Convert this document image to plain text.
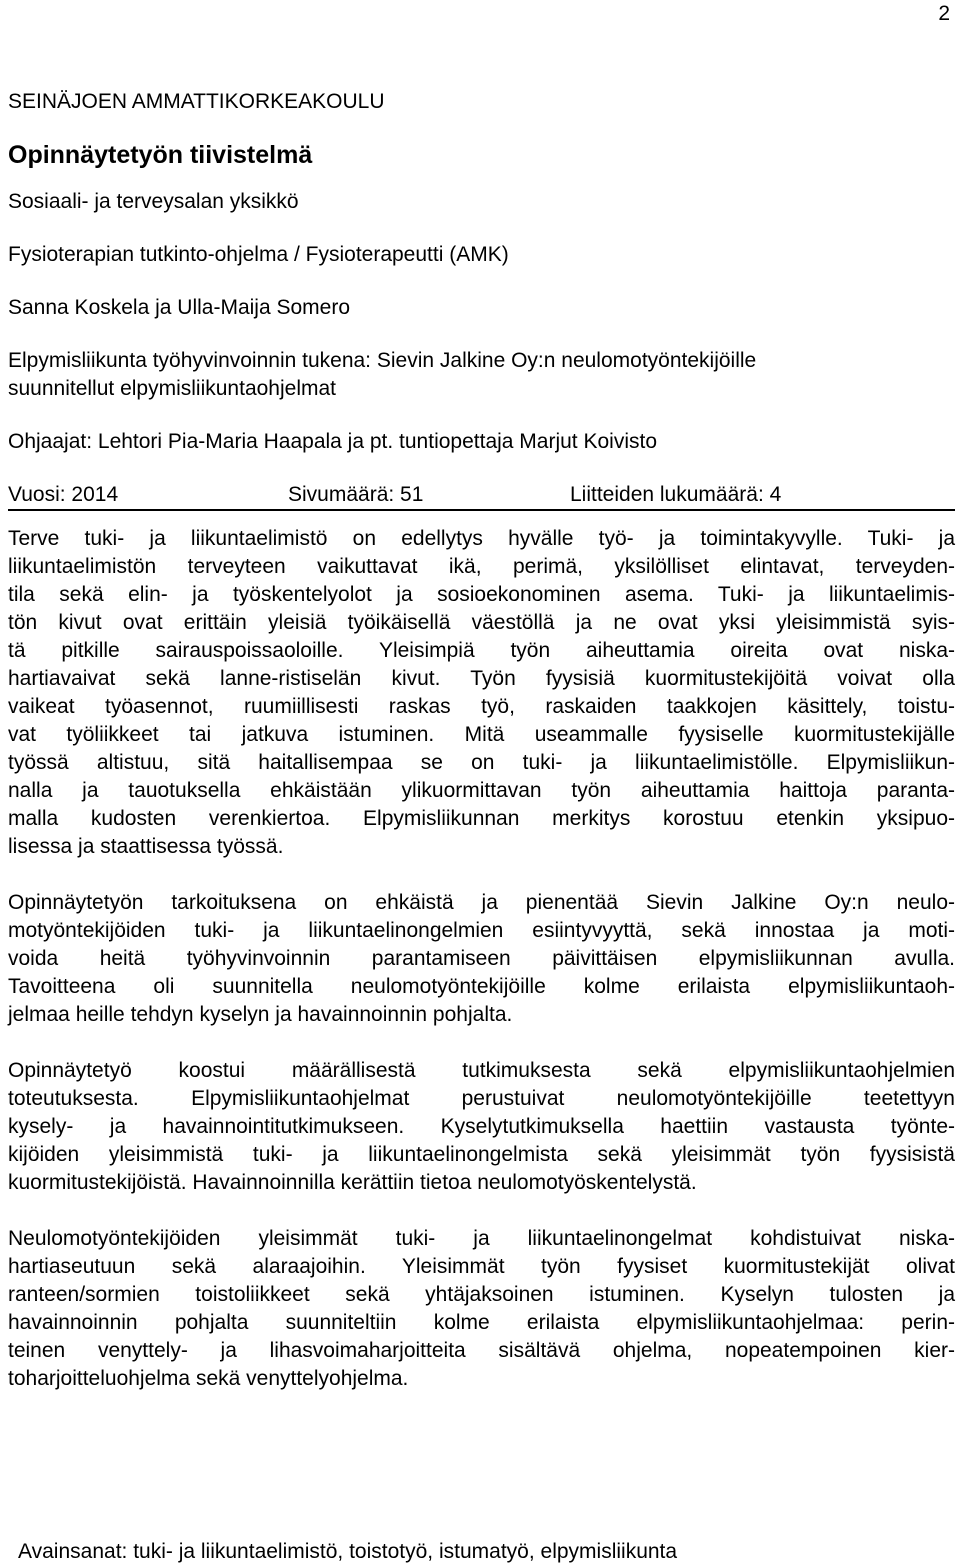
2

SEINÄJOEN AMMATTIKORKEAKOULU

Opinnäytetyön tiivistelmä

Sosiaali- ja terveysalan yksikkö

Fysioterapian tutkinto-ohjelma / Fysioterapeutti (AMK)

Sanna Koskela ja Ulla-Maija Somero

Elpymisliikunta työhyvinvoinnin tukena: Sievin Jalkine Oy:n neulomotyöntekijöille

suunnitellut elpymisliikuntaohjelmat

Ohjaajat: Lehtori Pia-Maria Haapala ja pt. tuntiopettaja Marjut Koivisto

Vuosi: 2014	Sivumäärä: 51	Liitteiden lukumäärä: 4
Terve tuki- ja liikuntaelimistö on edellytys hyvälle työ- ja toimintakyvylle. Tuki- ja
liikuntaelimistön terveyteen vaikuttavat ikä, perimä, yksilölliset elintavat, terveyden-
tila sekä elin- ja työskentelyolot ja sosioekonominen asema. Tuki- ja liikuntaelimis-
tön kivut ovat erittäin yleisiä työikäisellä väestöllä ja ne ovat yksi yleisimmistä syis-
tä pitkille sairauspoissaoloille. Yleisimpiä työn aiheuttamia oireita ovat niska-
hartiavaivat sekä lanne-ristiselän kivut. Työn fyysisiä kuormitustekijöitä voivat olla
vaikeat työasennot, ruumiillisesti raskas työ, raskaiden taakkojen käsittely, toistu-
vat työliikkeet tai jatkuva istuminen. Mitä useammalle fyysiselle kuormitustekijälle
työssä altistuu, sitä haitallisempaa se on tuki- ja liikuntaelimistölle. Elpymisliikun-
nalla ja tauotuksella ehkäistään ylikuormittavan työn aiheuttamia haittoja paranta-
malla kudosten verenkiertoa. Elpymisliikunnan merkitys korostuu etenkin yksipuo-
lisessa ja staattisessa työssä.
Opinnäytetyön tarkoituksena on ehkäistä ja pienentää Sievin Jalkine Oy:n neulo-
motyöntekijöiden tuki- ja liikuntaelinongelmien esiintyvyyttä, sekä innostaa ja moti-
voida heitä työhyvinvoinnin parantamiseen päivittäisen elpymisliikunnan avulla.
Tavoitteena oli suunnitella neulomotyöntekijöille kolme erilaista elpymisliikuntaoh-
jelmaa heille tehdyn kyselyn ja havainnoinnin pohjalta.
Opinnäytetyö koostui määrällisestä tutkimuksesta sekä elpymisliikuntaohjelmien
toteutuksesta. Elpymisliikuntaohjelmat perustuivat neulomotyöntekijöille teetettyyn
kysely- ja havainnointitutkimukseen. Kyselytutkimuksella haettiin vastausta työnte-
kijöiden yleisimmistä tuki- ja liikuntaelinongelmista sekä yleisimmät työn fyysisistä
kuormitustekijöistä. Havainnoinnilla kerättiin tietoa neulomotyöskentelystä.
Neulomotyöntekijöiden yleisimmät tuki- ja liikuntaelinongelmat kohdistuivat niska-
hartiaseutuun sekä alaraajoihin. Yleisimmät työn fyysiset kuormitustekijät olivat
ranteen/sormien toistoliikkeet sekä yhtäjaksoinen istuminen. Kyselyn tulosten ja
havainnoinnin pohjalta suunniteltiin kolme erilaista elpymisliikuntaohjelmaa: perin-
teinen venyttely- ja lihasvoimaharjoitteita sisältävä ohjelma, nopeatempoinen kier-
toharjoitteluohjelma sekä venyttelyohjelma.
Avainsanat: tuki- ja liikuntaelimistö, toistotyö, istumatyö, elpymisliikunta
